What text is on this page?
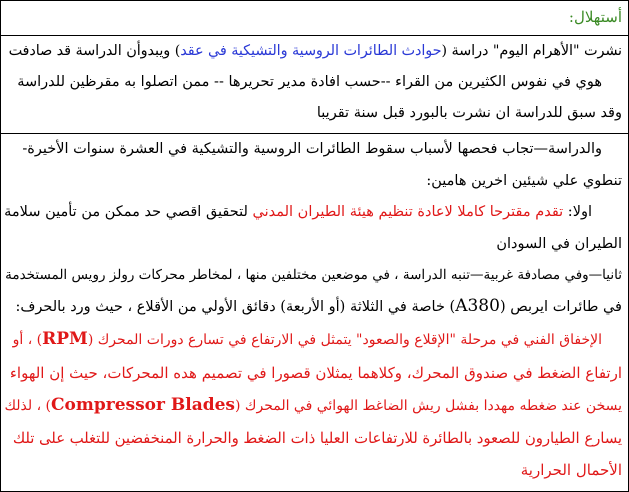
أستهلال:
نشرت "الأهرام اليوم" دراسة (حوادث الطائرات الروسية والتشيكية في عقد) ويبدوأن الدراسة قد صادفت
هوي في نفوس الكثيرين من القراء --حسب افادة مدير تحريرها -- ممن اتصلوا به مقرظين للدراسة
وقد سبق للدراسة ان نشرت بالبورد قبل سنة تقريبا
والدراسة—تجاب فحصها لأسباب سقوط الطائرات الروسية والتشيكية في العشرة سنوات الأخيرة-
تنطوي علي شيئين اخرين هامين:
اولا: تقدم مقترحا كاملا لاعادة تنظيم هيئة الطيران المدني لتحقيق اقصي حد ممكن من تأمين سلامة
الطيران في السودان
ثانيا—وفي مصادفة غربية—تنبه الدراسة ، في موضعين مختلفين منها ، لمخاطر محركات رولز رويس المستخدمة
في طائرات ايربص (A380) خاصة في الثلاثة (أو الأربعة) دقائق الأولي من الأقلاع ، حيث ورد بالحرف:
الإخفاق الفني في مرحلة "الإقلاع والصعود" يتمثل في الارتفاع في تسارع دورات المحرك (RPM) ، أو
ارتفاع الضغط في صندوق المحرك، وكلاهما يمثلان قصورا في تصميم هده المحركات، حيث إن الهواء
يسخن عند ضغطه مهددا بفشل ريش الضاغط الهوائي في المحرك (Compressor Blades) ، لذلك
يسارع الطيارون للصعود بالطائرة للارتفاعات العليا ذات الضغط والحرارة المنخفضين للتغلب على تلك
الأحمال الحرارية
